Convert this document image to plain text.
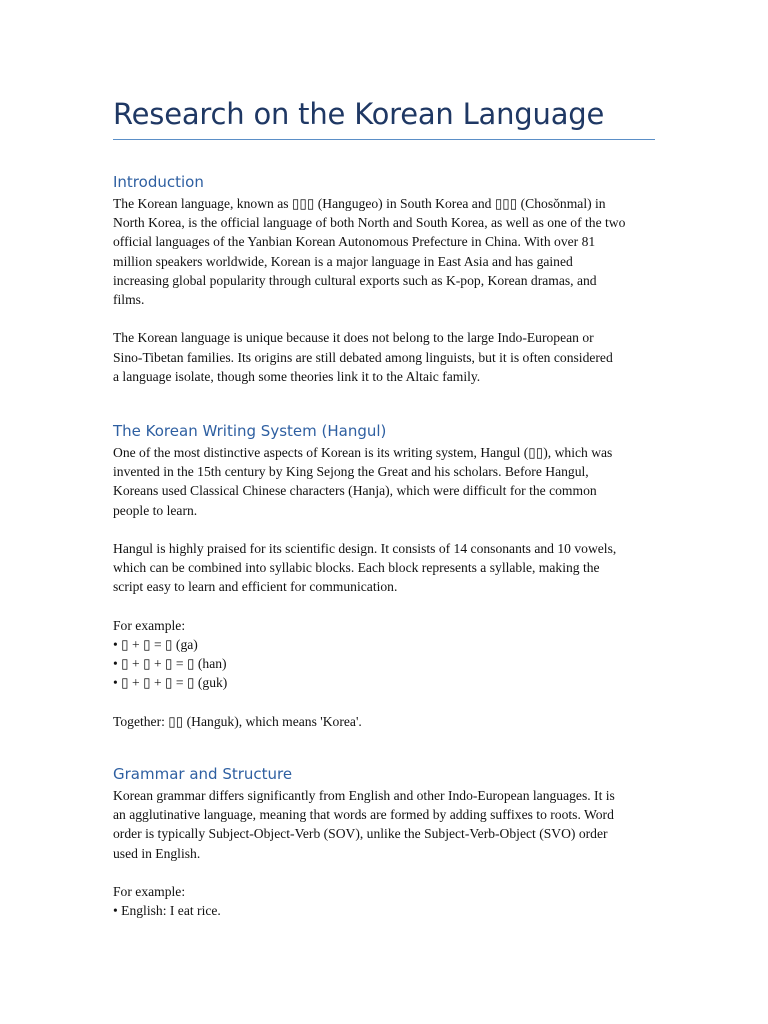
Research on the Korean Language
Introduction

The Korean language, known as ▯▯▯ (Hangugeo) in South Korea and ▯▯▯ (Chosŏnmal) in
North Korea, is the official language of both North and South Korea, as well as one of the two
official languages of the Yanbian Korean Autonomous Prefecture in China. With over 81
million speakers worldwide, Korean is a major language in East Asia and has gained
increasing global popularity through cultural exports such as K-pop, Korean dramas, and
films.

The Korean language is unique because it does not belong to the large Indo-European or
Sino-Tibetan families. Its origins are still debated among linguists, but it is often considered
a language isolate, though some theories link it to the Altaic family.

The Korean Writing System (Hangul)

One of the most distinctive aspects of Korean is its writing system, Hangul (▯▯), which was
invented in the 15th century by King Sejong the Great and his scholars. Before Hangul,
Koreans used Classical Chinese characters (Hanja), which were difficult for the common
people to learn.

Hangul is highly praised for its scientific design. It consists of 14 consonants and 10 vowels,
which can be combined into syllabic blocks. Each block represents a syllable, making the
script easy to learn and efficient for communication.

For example:

• ▯ + ▯ = ▯ (ga)
• ▯ + ▯ + ▯ = ▯ (han)
• ▯ + ▯ + ▯ = ▯ (guk)

Together: ▯▯ (Hanguk), which means 'Korea'.

Grammar and Structure

Korean grammar differs significantly from English and other Indo-European languages. It is
an agglutinative language, meaning that words are formed by adding suffixes to roots. Word
order is typically Subject-Object-Verb (SOV), unlike the Subject-Verb-Object (SVO) order
used in English.

For example:

• English: I eat rice.
